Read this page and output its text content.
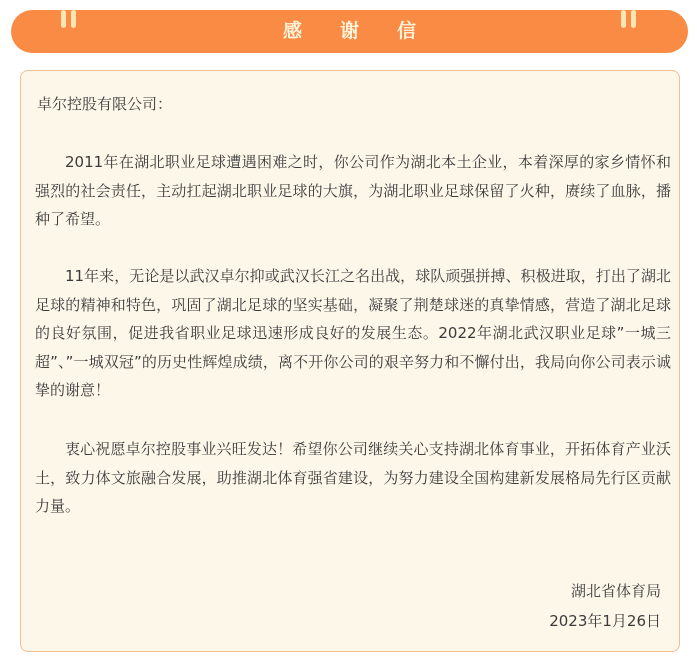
感谢信
卓尔控股有限公司：

2011年在湖北职业足球遭遇困难之时，你公司作为湖北本土企业，本着深厚的家乡情怀和强烈的社会责任，主动扛起湖北职业足球的大旗，为湖北职业足球保留了火种，赓续了血脉，播种了希望。

11年来，无论是以武汉卓尔抑或武汉长江之名出战，球队顽强拼搏、积极进取，打出了湖北足球的精神和特色，巩固了湖北足球的坚实基础，凝聚了荆楚球迷的真挚情感，营造了湖北足球的良好氛围，促进我省职业足球迅速形成良好的发展生态。2022年湖北武汉职业足球”一城三超”、”一城双冠”的历史性辉煌成绩，离不开你公司的艰辛努力和不懈付出，我局向你公司表示诚挚的谢意！

衷心祝愿卓尔控股事业兴旺发达！希望你公司继续关心支持湖北体育事业，开拓体育产业沃土，致力体文旅融合发展，助推湖北体育强省建设，为努力建设全国构建新发展格局先行区贡献力量。

湖北省体育局
2023年1月26日
